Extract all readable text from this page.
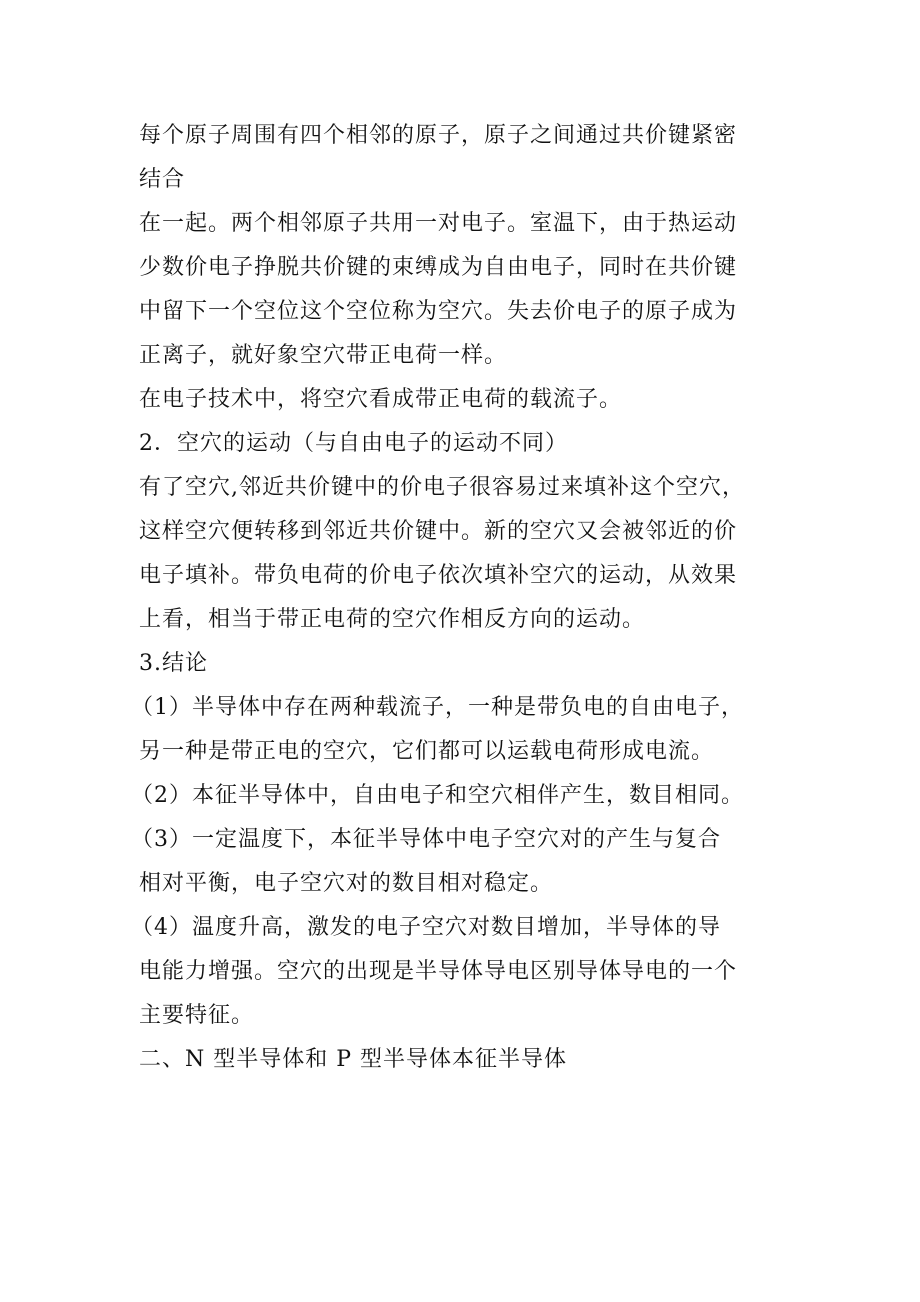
每个原子周围有四个相邻的原子，原子之间通过共价键紧密
结合
在一起。两个相邻原子共用一对电子。室温下，由于热运动
少数价电子挣脱共价键的束缚成为自由电子，同时在共价键
中留下一个空位这个空位称为空穴。失去价电子的原子成为
正离子，就好象空穴带正电荷一样。
在电子技术中，将空穴看成带正电荷的载流子。
2．空穴的运动（与自由电子的运动不同）
有了空穴,邻近共价键中的价电子很容易过来填补这个空穴，
这样空穴便转移到邻近共价键中。新的空穴又会被邻近的价
电子填补。带负电荷的价电子依次填补空穴的运动，从效果
上看，相当于带正电荷的空穴作相反方向的运动。
3.结论
（1）半导体中存在两种载流子，一种是带负电的自由电子，
另一种是带正电的空穴，它们都可以运载电荷形成电流。
（2）本征半导体中，自由电子和空穴相伴产生，数目相同。
（3）一定温度下，本征半导体中电子空穴对的产生与复合
相对平衡，电子空穴对的数目相对稳定。
（4）温度升高，激发的电子空穴对数目增加，半导体的导
电能力增强。空穴的出现是半导体导电区别导体导电的一个
主要特征。
二、N 型半导体和 P 型半导体本征半导体
